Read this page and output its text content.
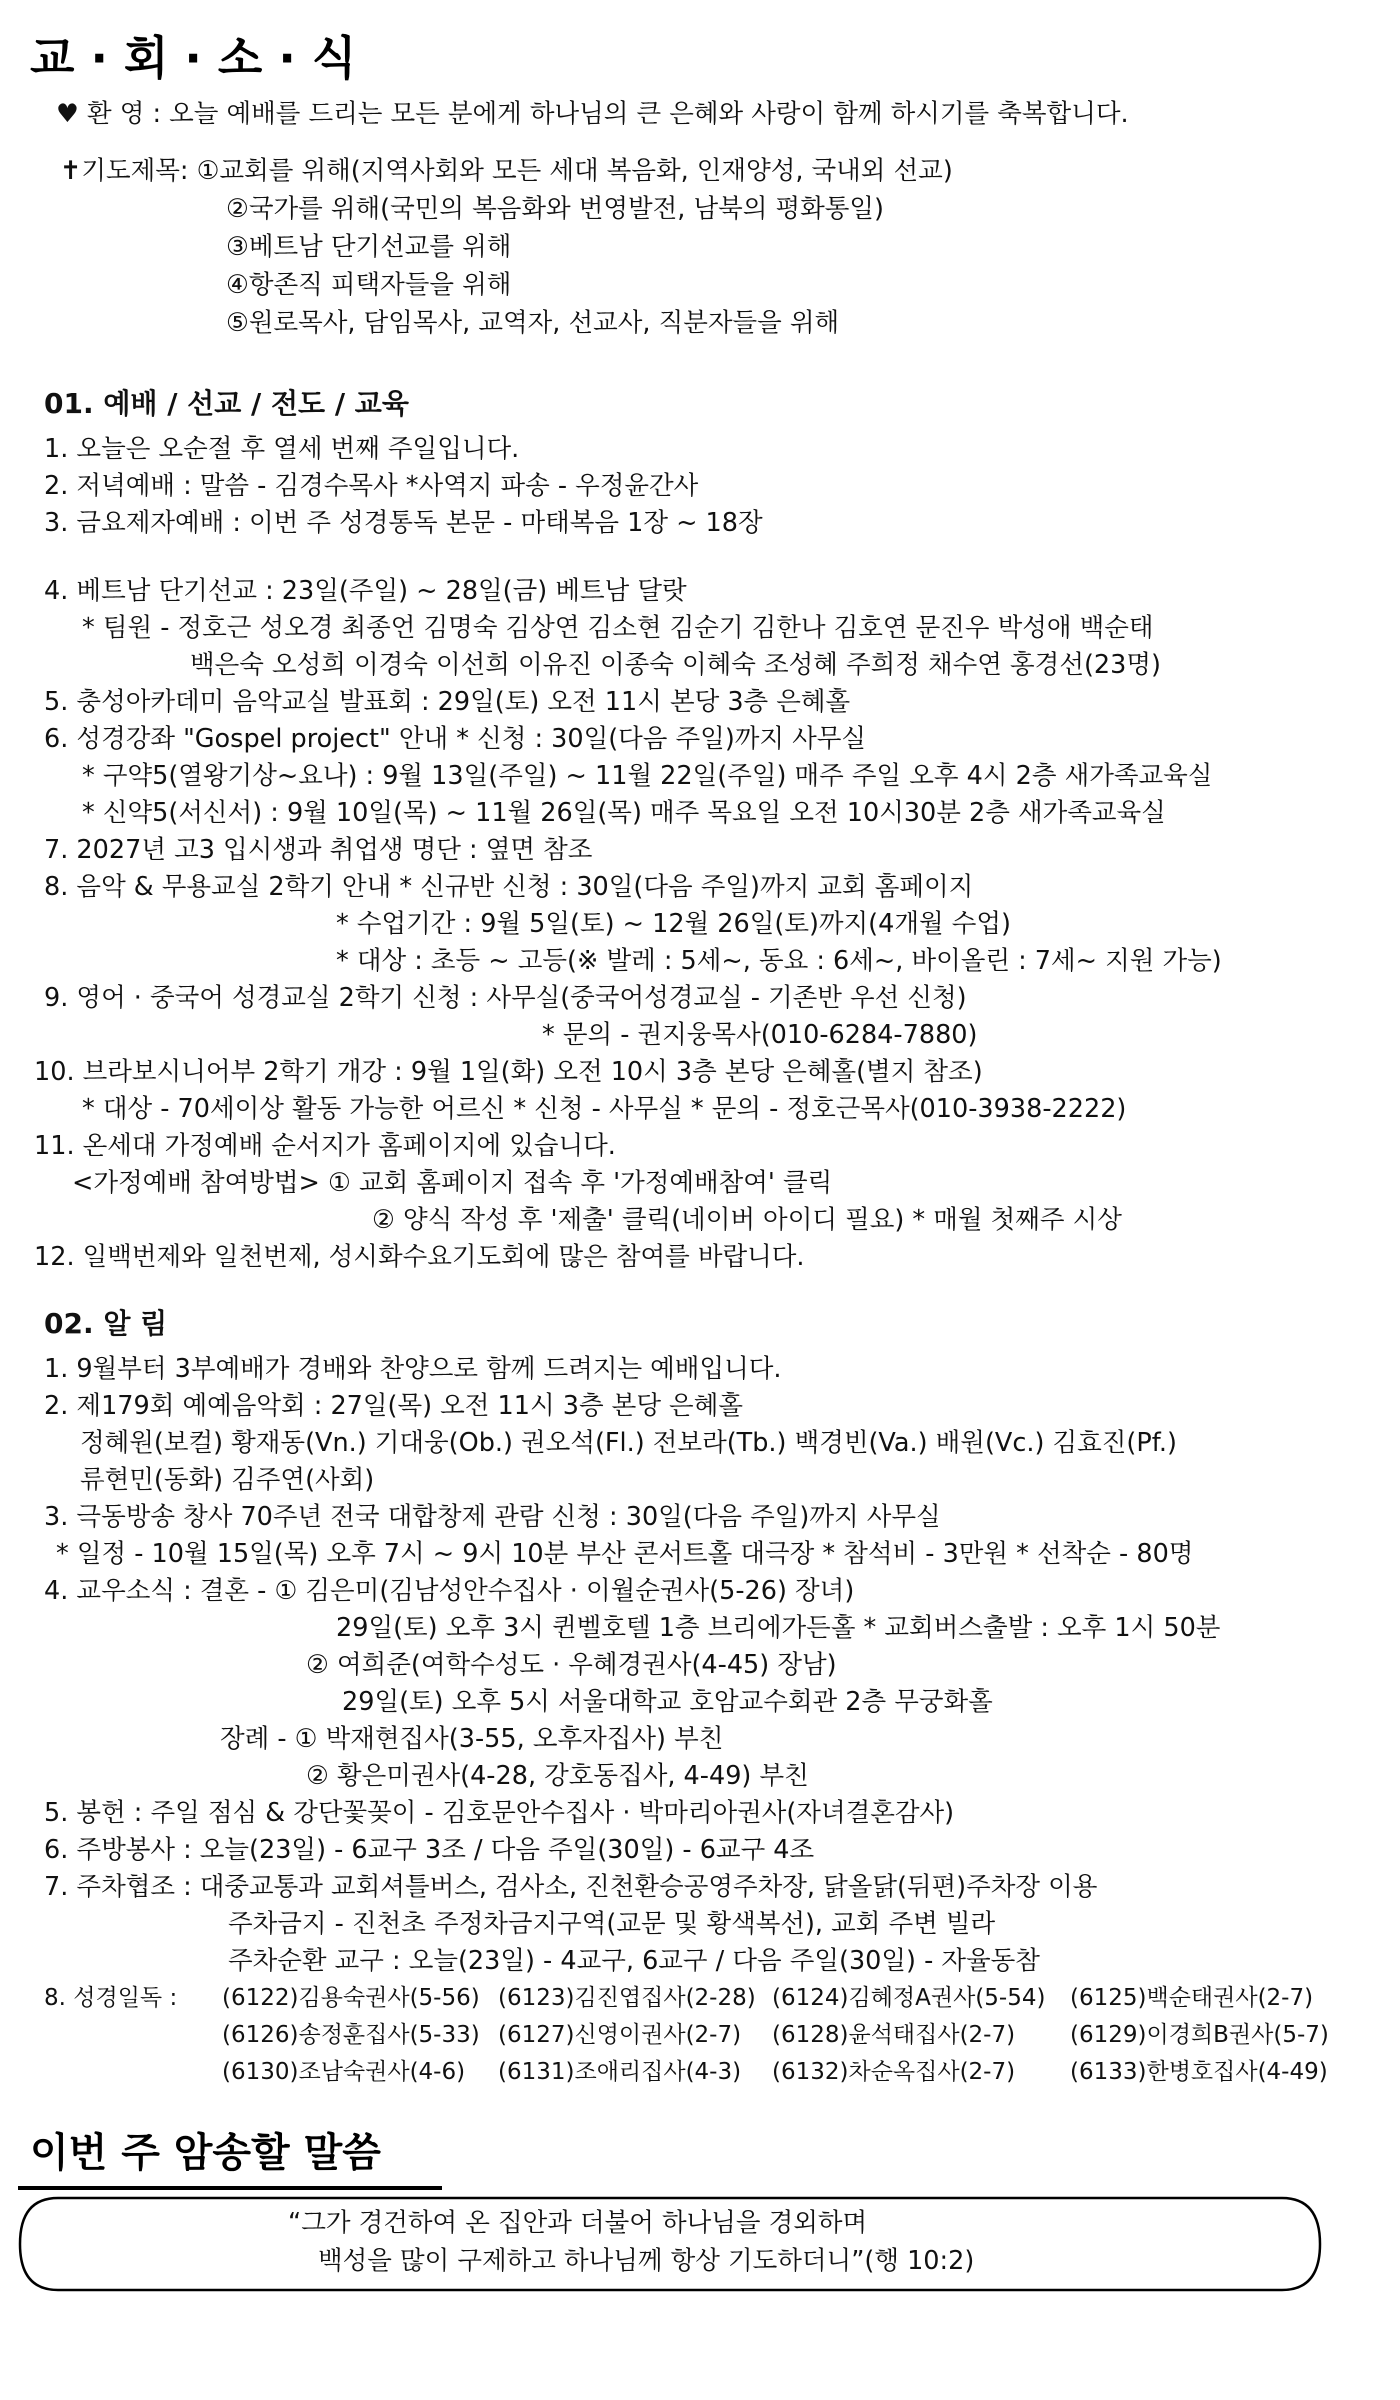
교 · 회 · 소 · 식
♥ 환 영 : 오늘 예배를 드리는 모든 분에게 하나님의 큰 은혜와 사랑이 함께 하시기를 축복합니다.
✝기도제목: ①교회를 위해(지역사회와 모든 세대 복음화, 인재양성, 국내외 선교)
②국가를 위해(국민의 복음화와 번영발전, 남북의 평화통일)
③베트남 단기선교를 위해
④항존직 피택자들을 위해
⑤원로목사, 담임목사, 교역자, 선교사, 직분자들을 위해
01. 예배 / 선교 / 전도 / 교육
1. 오늘은 오순절 후 열세 번째 주일입니다.
2. 저녁예배 : 말씀 - 김경수목사 *사역지 파송 - 우정윤간사
3. 금요제자예배 : 이번 주 성경통독 본문 - 마태복음 1장 ~ 18장
4. 베트남 단기선교 : 23일(주일) ~ 28일(금) 베트남 달랏
* 팀원 - 정호근 성오경 최종언 김명숙 김상연 김소현 김순기 김한나 김호연 문진우 박성애 백순태
백은숙 오성희 이경숙 이선희 이유진 이종숙 이혜숙 조성혜 주희정 채수연 홍경선(23명)
5. 충성아카데미 음악교실 발표회 : 29일(토) 오전 11시 본당 3층 은혜홀
6. 성경강좌 "Gospel project" 안내 * 신청 : 30일(다음 주일)까지 사무실
* 구약5(열왕기상~요나) : 9월 13일(주일) ~ 11월 22일(주일) 매주 주일 오후 4시 2층 새가족교육실
* 신약5(서신서) : 9월 10일(목) ~ 11월 26일(목) 매주 목요일 오전 10시30분 2층 새가족교육실
7. 2027년 고3 입시생과 취업생 명단 : 옆면 참조
8. 음악 & 무용교실 2학기 안내 * 신규반 신청 : 30일(다음 주일)까지 교회 홈페이지
* 수업기간 : 9월 5일(토) ~ 12월 26일(토)까지(4개월 수업)
* 대상 : 초등 ~ 고등(※ 발레 : 5세~, 동요 : 6세~, 바이올린 : 7세~ 지원 가능)
9. 영어 · 중국어 성경교실 2학기 신청 : 사무실(중국어성경교실 - 기존반 우선 신청)
* 문의 - 권지웅목사(010-6284-7880)
10. 브라보시니어부 2학기 개강 : 9월 1일(화) 오전 10시 3층 본당 은혜홀(별지 참조)
* 대상 - 70세이상 활동 가능한 어르신 * 신청 - 사무실 * 문의 - 정호근목사(010-3938-2222)
11. 온세대 가정예배 순서지가 홈페이지에 있습니다.
<가정예배 참여방법> ① 교회 홈페이지 접속 후 '가정예배참여' 클릭
② 양식 작성 후 '제출' 클릭(네이버 아이디 필요) * 매월 첫째주 시상
12. 일백번제와 일천번제, 성시화수요기도회에 많은 참여를 바랍니다.
02. 알 림
1. 9월부터 3부예배가 경배와 찬양으로 함께 드려지는 예배입니다.
2. 제179회 예예음악회 : 27일(목) 오전 11시 3층 본당 은혜홀
정혜원(보컬) 황재동(Vn.) 기대웅(Ob.) 권오석(Fl.) 전보라(Tb.) 백경빈(Va.) 배원(Vc.) 김효진(Pf.)
류현민(동화) 김주연(사회)
3. 극동방송 창사 70주년 전국 대합창제 관람 신청 : 30일(다음 주일)까지 사무실
* 일정 - 10월 15일(목) 오후 7시 ~ 9시 10분 부산 콘서트홀 대극장 * 참석비 - 3만원 * 선착순 - 80명
4. 교우소식 : 결혼 - ① 김은미(김남성안수집사 · 이월순권사(5-26) 장녀)
29일(토) 오후 3시 퀸벨호텔 1층 브리에가든홀 * 교회버스출발 : 오후 1시 50분
② 여희준(여학수성도 · 우혜경권사(4-45) 장남)
29일(토) 오후 5시 서울대학교 호암교수회관 2층 무궁화홀
장례 - ① 박재현집사(3-55, 오후자집사) 부친
② 황은미권사(4-28, 강호동집사, 4-49) 부친
5. 봉헌 : 주일 점심 & 강단꽃꽂이 - 김호문안수집사 · 박마리아권사(자녀결혼감사)
6. 주방봉사 : 오늘(23일) - 6교구 3조 / 다음 주일(30일) - 6교구 4조
7. 주차협조 : 대중교통과 교회셔틀버스, 검사소, 진천환승공영주차장, 닭올닭(뒤편)주차장 이용
주차금지 - 진천초 주정차금지구역(교문 및 황색복선), 교회 주변 빌라
주차순환 교구 : 오늘(23일) - 4교구, 6교구 / 다음 주일(30일) - 자율동참
8. 성경일독 : (6122)김용숙권사(5-56) (6123)김진엽집사(2-28) (6124)김혜정A권사(5-54) (6125)백순태권사(2-7)
(6126)송정훈집사(5-33) (6127)신영이권사(2-7) (6128)윤석태집사(2-7) (6129)이경희B권사(5-7)
(6130)조남숙권사(4-6) (6131)조애리집사(4-3) (6132)차순옥집사(2-7) (6133)한병호집사(4-49)
이번 주 암송할 말씀
“그가 경건하여 온 집안과 더불어 하나님을 경외하며
백성을 많이 구제하고 하나님께 항상 기도하더니”(행 10:2)
